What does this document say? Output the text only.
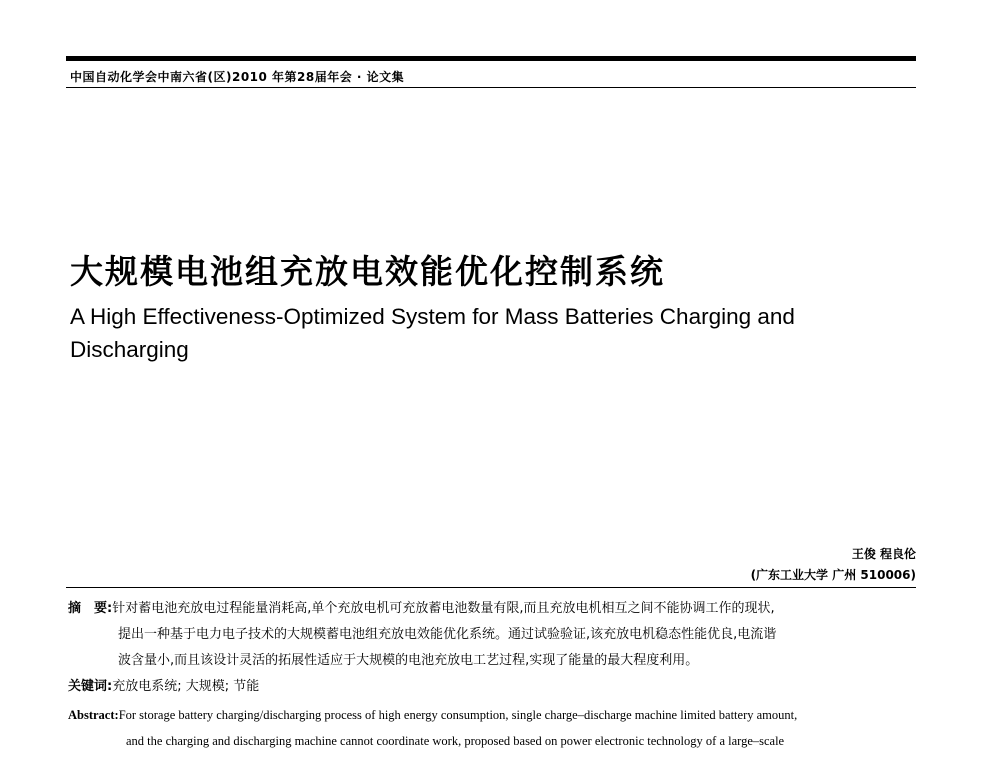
中国自动化学会中南六省(区)2010 年第28届年会 · 论文集
大规模电池组充放电效能优化控制系统
A High Effectiveness-Optimized System for Mass Batteries Charging and
Discharging
王俊 程良伦
(广东工业大学 广州 510006)
摘　要:针对蓄电池充放电过程能量消耗高,单个充放电机可充放蓄电池数量有限,而且充放电机相互之间不能协调工作的现状,
提出一种基于电力电子技术的大规模蓄电池组充放电效能优化系统。通过试验验证,该充放电机稳态性能优良,电流谐
波含量小,而且该设计灵活的拓展性适应于大规模的电池充放电工艺过程,实现了能量的最大程度利用。
关键词:充放电系统; 大规模; 节能
Abstract:For storage battery charging/discharging process of high energy consumption, single charge–discharge machine limited battery amount,
and the charging and discharging machine cannot coordinate work, proposed based on power electronic technology of a large–scale
